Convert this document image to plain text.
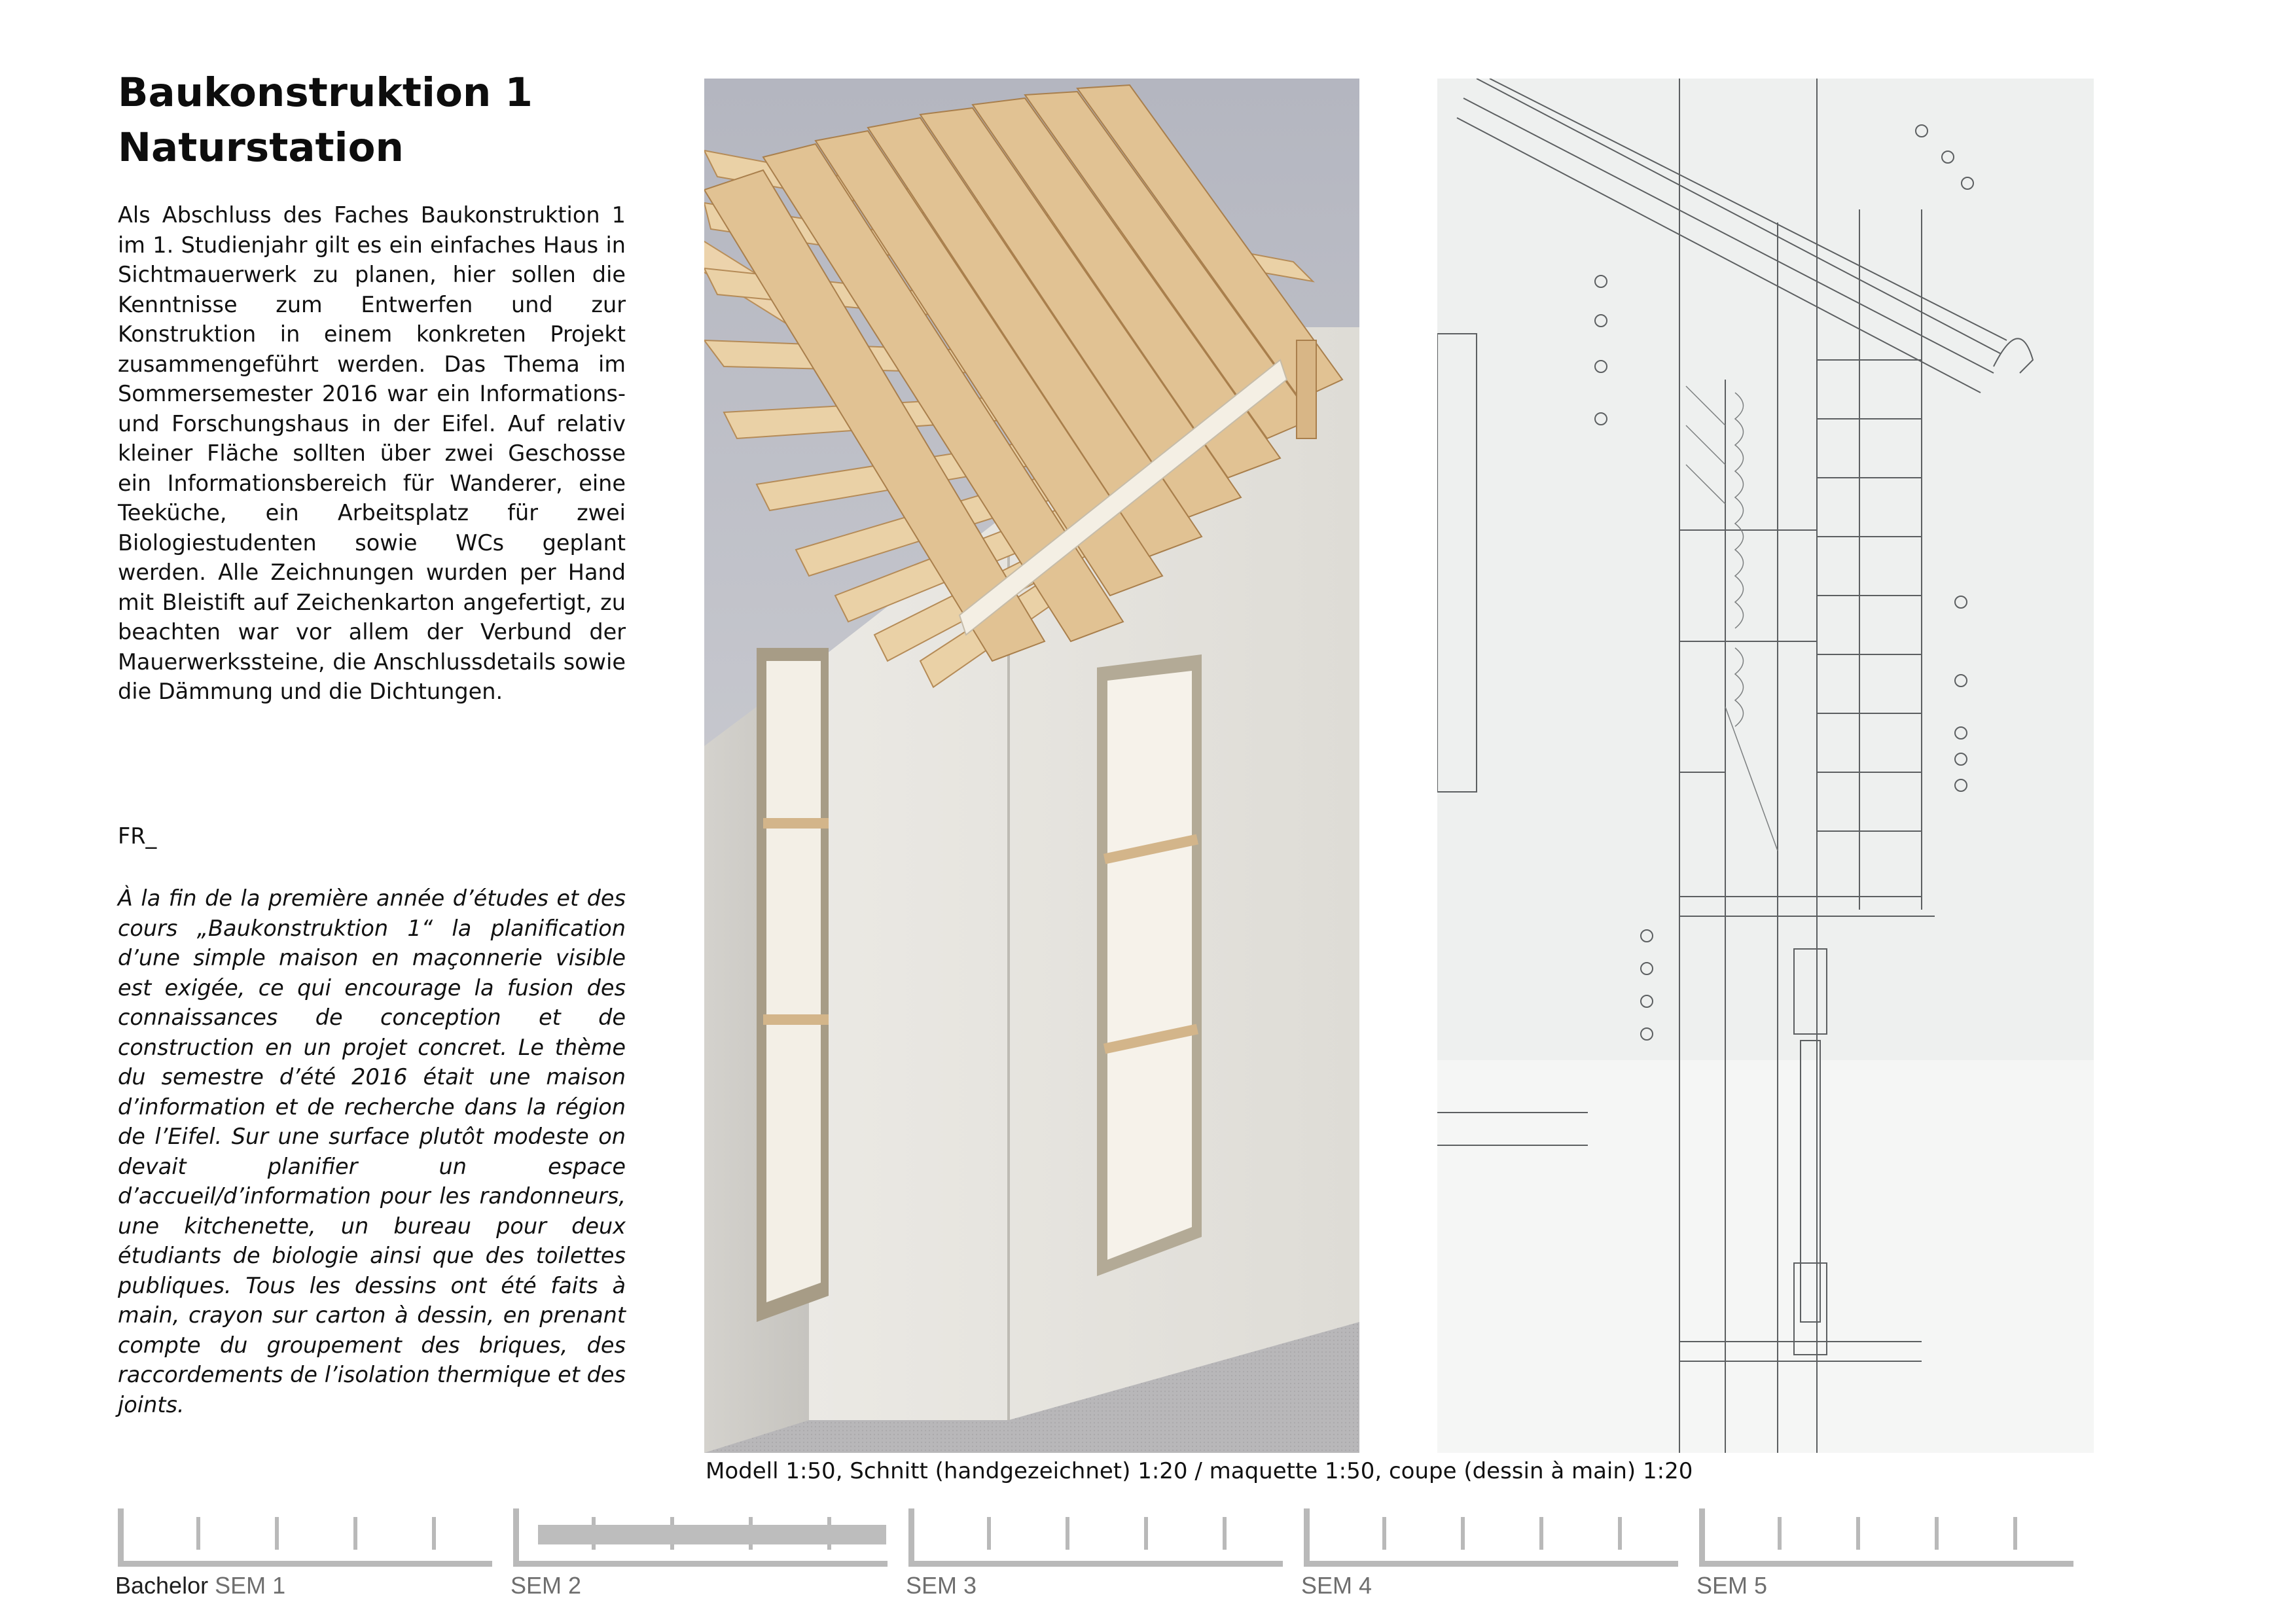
Baukonstruktion 1
Naturstation

Als Abschluss des Faches Baukonstruktion 1 im 1. Studienjahr gilt es ein einfaches Haus in Sichtmauerwerk zu planen, hier sollen die Kenntnisse zum Entwerfen und zur Konstruktion in einem konkreten Projekt zusammengeführt werden. Das Thema im Sommersemester 2016 war ein Informations- und Forschungshaus in der Eifel. Auf relativ kleiner Fläche sollten über zwei Geschosse ein Informationsbereich für Wanderer, eine Teeküche, ein Arbeitsplatz für zwei Biologiestudenten sowie WCs geplant werden. Alle Zeichnungen wurden per Hand mit Bleistift auf Zeichenkarton angefertigt, zu beachten war vor allem der Verbund der Mauerwerkssteine, die Anschlussdetails sowie die Dämmung und die Dichtungen.

FR_

À la fin de la première année d’études et des cours „Baukonstruktion 1“ la planification d’une simple maison en maçonnerie visible est exigée, ce qui encourage la fusion des connaissances de conception et de construction en un projet concret. Le thème du semestre d’été 2016 était une maison d’information et de recherche dans la région de l’Eifel. Sur une surface plutôt modeste on devait planifier un espace d’accueil/d’information pour les randonneurs, une kitchenette, un bureau pour deux étudiants de biologie ainsi que des toilettes publiques. Tous les dessins ont été faits à main, crayon sur carton à dessin, en prenant compte du groupement des briques, des raccordements de l’isolation thermique et des joints.

Modell 1:50, Schnitt (handgezeichnet) 1:20 / maquette 1:50, coupe (dessin à main) 1:20
Bachelor SEM 1	SEM 2	SEM 3	SEM 4	SEM 5
